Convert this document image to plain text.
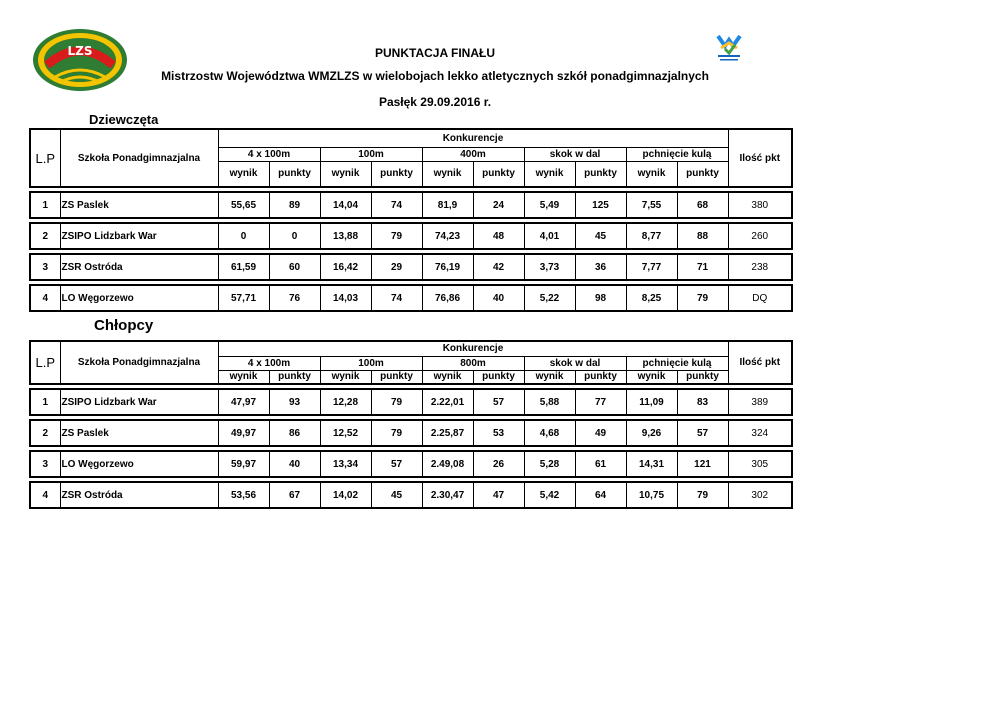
LZS	PUNKTACJA FINAŁU
Mistrzostw Województwa WMZLZS w wielobojach lekko atletycznych szkół ponadgimnazjalnych
Pasłęk 29.09.2016 r.
Dziewczęta
Chłopcy
L.P	Szkoła Ponadgimnazjalna	Konkurencje										Ilość pkt
		4 x 100m		100m		400m		skok w dal		pchnięcie kulą		
		wynik	punkty	wynik	punkty	wynik	punkty	wynik	punkty	wynik	punkty	

1	ZS Paslek	55,65	89	14,04	74	81,9	24	5,49	125	7,55	68	380

2	ZSIPO Lidzbark War	0	0	13,88	79	74,23	48	4,01	45	8,77	88	260

3	ZSR Ostróda	61,59	60	16,42	29	76,19	42	3,73	36	7,77	71	238

4	LO Węgorzewo	57,71	76	14,03	74	76,86	40	5,22	98	8,25	79	DQ
L.P	Szkoła Ponadgimnazjalna	Konkurencje										Ilość pkt
		4 x 100m		100m		800m		skok w dal		pchnięcie kulą		
		wynik	punkty	wynik	punkty	wynik	punkty	wynik	punkty	wynik	punkty	

1	ZSIPO Lidzbark War	47,97	93	12,28	79	2.22,01	57	5,88	77	11,09	83	389

2	ZS Paslek	49,97	86	12,52	79	2.25,87	53	4,68	49	9,26	57	324

3	LO Węgorzewo	59,97	40	13,34	57	2.49,08	26	5,28	61	14,31	121	305

4	ZSR Ostróda	53,56	67	14,02	45	2.30,47	47	5,42	64	10,75	79	302
